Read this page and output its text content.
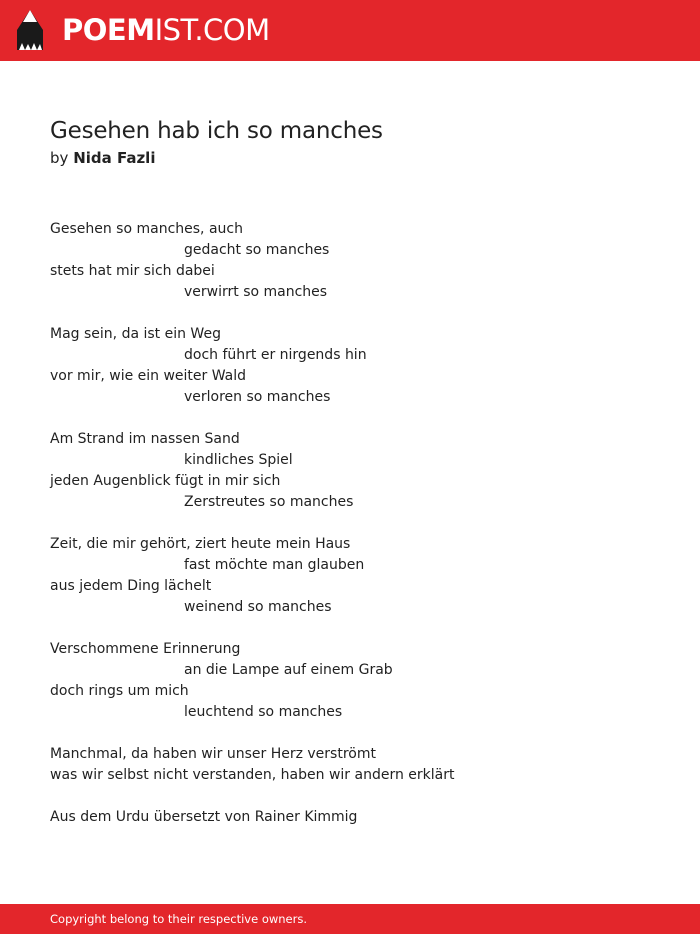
POEMIST.COM
Gesehen hab ich so manches
by Nida Fazli
Gesehen so manches, auch
gedacht so manches
stets hat mir sich dabei
verwirrt so manches
Mag sein, da ist ein Weg
doch führt er nirgends hin
vor mir, wie ein weiter Wald
verloren so manches
Am Strand im nassen Sand
kindliches Spiel
jeden Augenblick fügt in mir sich
Zerstreutes so manches
Zeit, die mir gehört, ziert heute mein Haus
fast möchte man glauben
aus jedem Ding lächelt
weinend so manches
Verschommene Erinnerung
an die Lampe auf einem Grab
doch rings um mich
leuchtend so manches
Manchmal, da haben wir unser Herz verströmt
was wir selbst nicht verstanden, haben wir andern erklärt
Aus dem Urdu übersetzt von Rainer Kimmig
Copyright belong to their respective owners.
